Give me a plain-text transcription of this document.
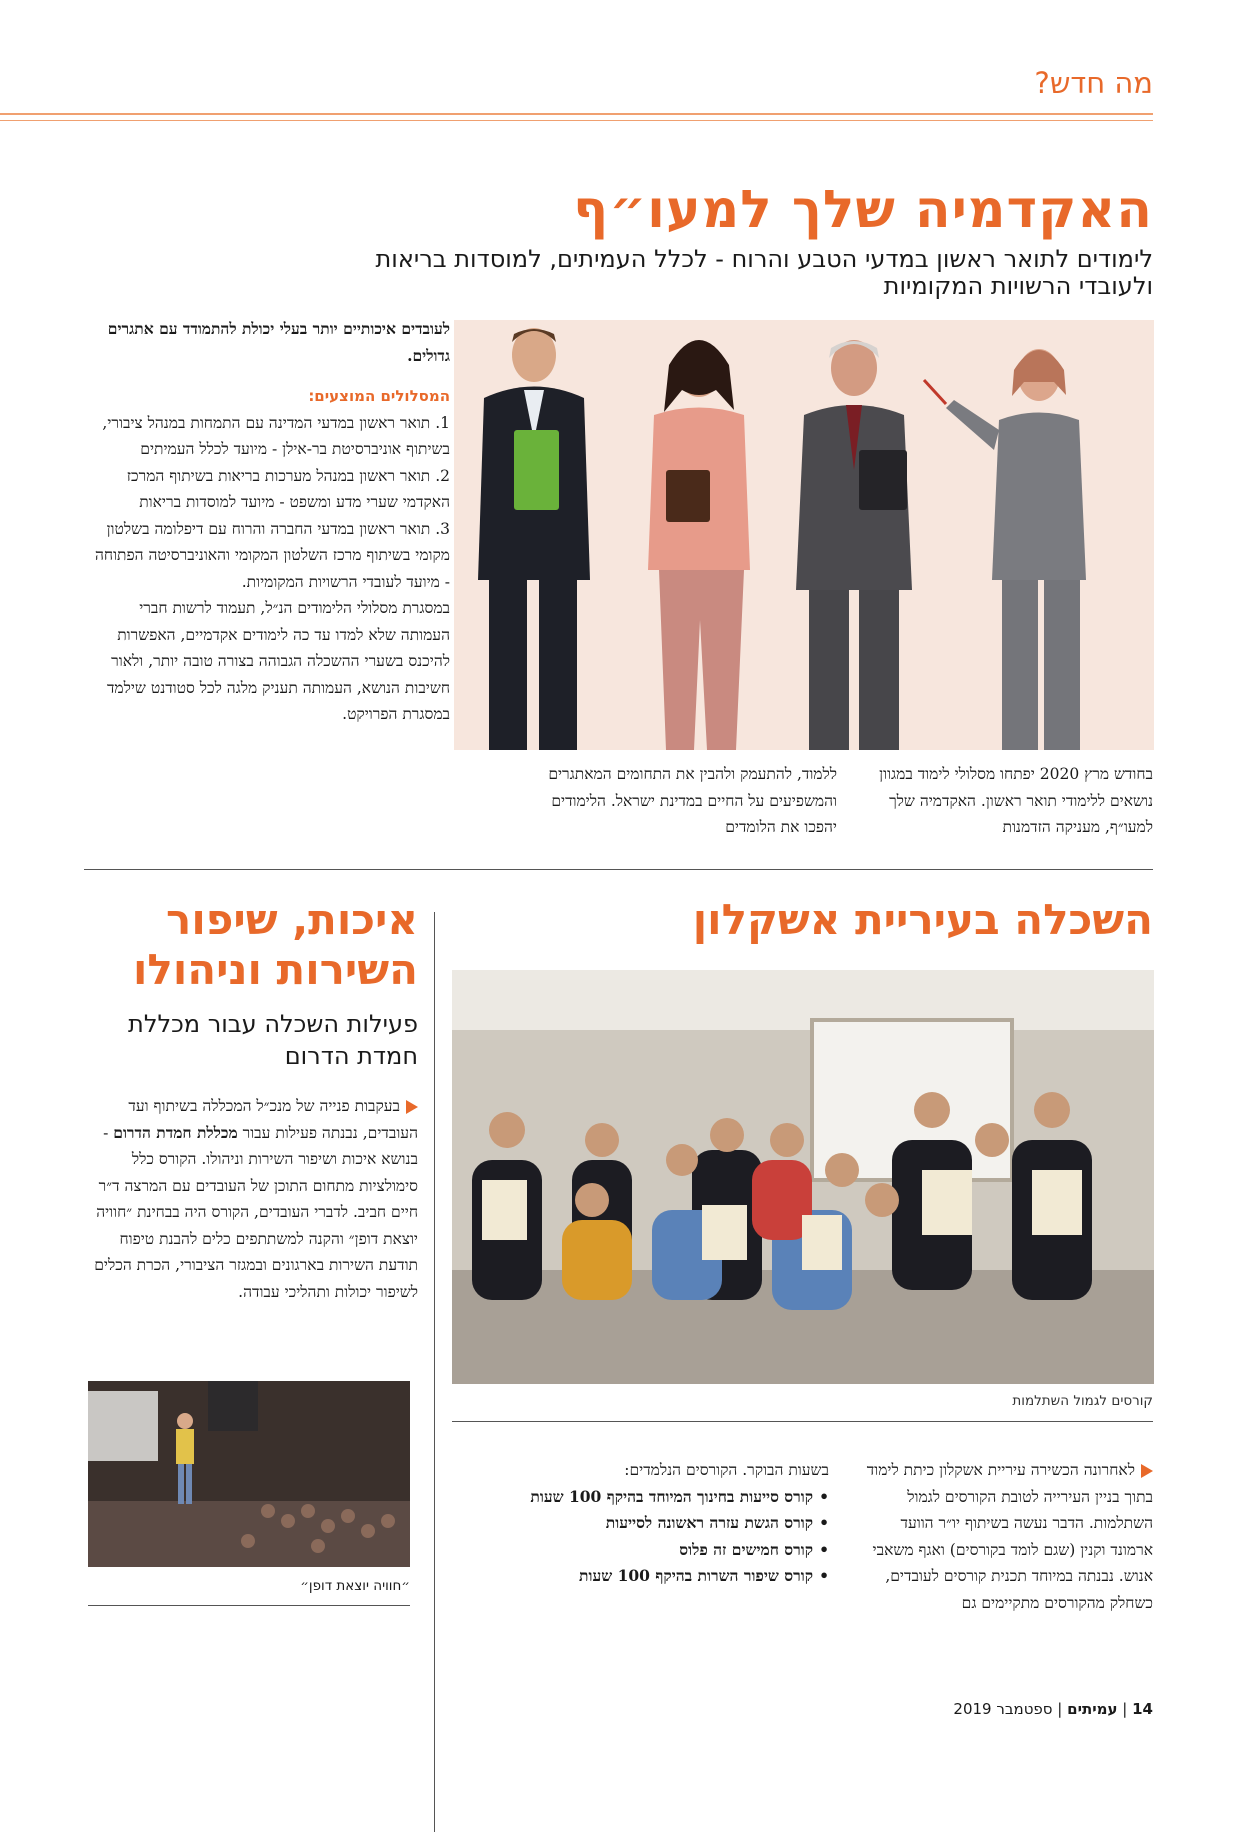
מה חדש?
האקדמיה שלך למעו״ף
לימודים לתואר ראשון במדעי הטבע והרוח - לכלל העמיתים, למוסדות בריאות ולעובדי הרשויות המקומיות
לעובדים איכותיים יותר בעלי יכולת להתמודד עם אתגרים גדולים.
המסלולים המוצעים:
1. תואר ראשון במדעי המדינה עם התמחות במנהל ציבורי, בשיתוף אוניברסיטת בר-אילן - מיועד לכלל העמיתים
2. תואר ראשון במנהל מערכות בריאות בשיתוף המרכז האקדמי שערי מדע ומשפט - מיועד למוסדות בריאות
3. תואר ראשון במדעי החברה והרוח עם דיפלומה בשלטון מקומי בשיתוף מרכז השלטון המקומי והאוניברסיטה הפתוחה - מיועד לעובדי הרשויות המקומיות.
במסגרת מסלולי הלימודים הנ״ל, תעמוד לרשות חברי העמותה שלא למדו עד כה לימודים אקדמיים, האפשרות להיכנס בשערי ההשכלה הגבוהה בצורה טובה יותר, ולאור חשיבות הנושא, העמותה תעניק מלגה לכל סטודנט שילמד במסגרת הפרויקט.
בחודש מרץ 2020 יפתחו מסלולי לימוד במגוון נושאים ללימודי תואר ראשון. האקדמיה שלך למעו״ף, מעניקה הזדמנות
ללמוד, להתעמק ולהבין את התחומים המאתגרים והמשפיעים על החיים במדינת ישראל. הלימודים יהפכו את הלומדים
השכלה בעיריית אשקלון
קורסים לגמול השתלמות
לאחרונה הכשירה עיריית אשקלון כיתת לימוד בתוך בניין העירייה לטובת הקורסים לגמול השתלמות. הדבר נעשה בשיתוף יו״ר הוועד ארמונד וקנין (שגם לומד בקורסים) ואגף משאבי אנוש. נבנתה במיוחד תכנית קורסים לעובדים, כשחלק מהקורסים מתקיימים גם
בשעות הבוקר. הקורסים הנלמדים:
• קורס סייעות בחינוך המיוחד בהיקף 100 שעות
• קורס הגשת עזרה ראשונה לסייעות
• קורס חמישים זה פלוס
• קורס שיפור השרות בהיקף 100 שעות
איכות, שיפור השירות וניהולו
פעילות השכלה עבור מכללת חמדת הדרום
בעקבות פנייה של מנכ״ל המכללה בשיתוף ועד העובדים, נבנתה פעילות עבור מכללת חמדת הדרום - בנושא איכות ושיפור השירות וניהולו. הקורס כלל סימולציות מתחום התוכן של העובדים עם המרצה ד״ר חיים חביב. לדברי העובדים, הקורס היה בבחינת ״חוויה יוצאת דופן״ והקנה למשתתפים כלים להבנת טיפוח תודעת השירות בארגונים ובמגזר הציבורי, הכרת הכלים לשיפור יכולות ותהליכי עבודה.
״חוויה יוצאת דופן״
14 | עמיתים | ספטמבר 2019
